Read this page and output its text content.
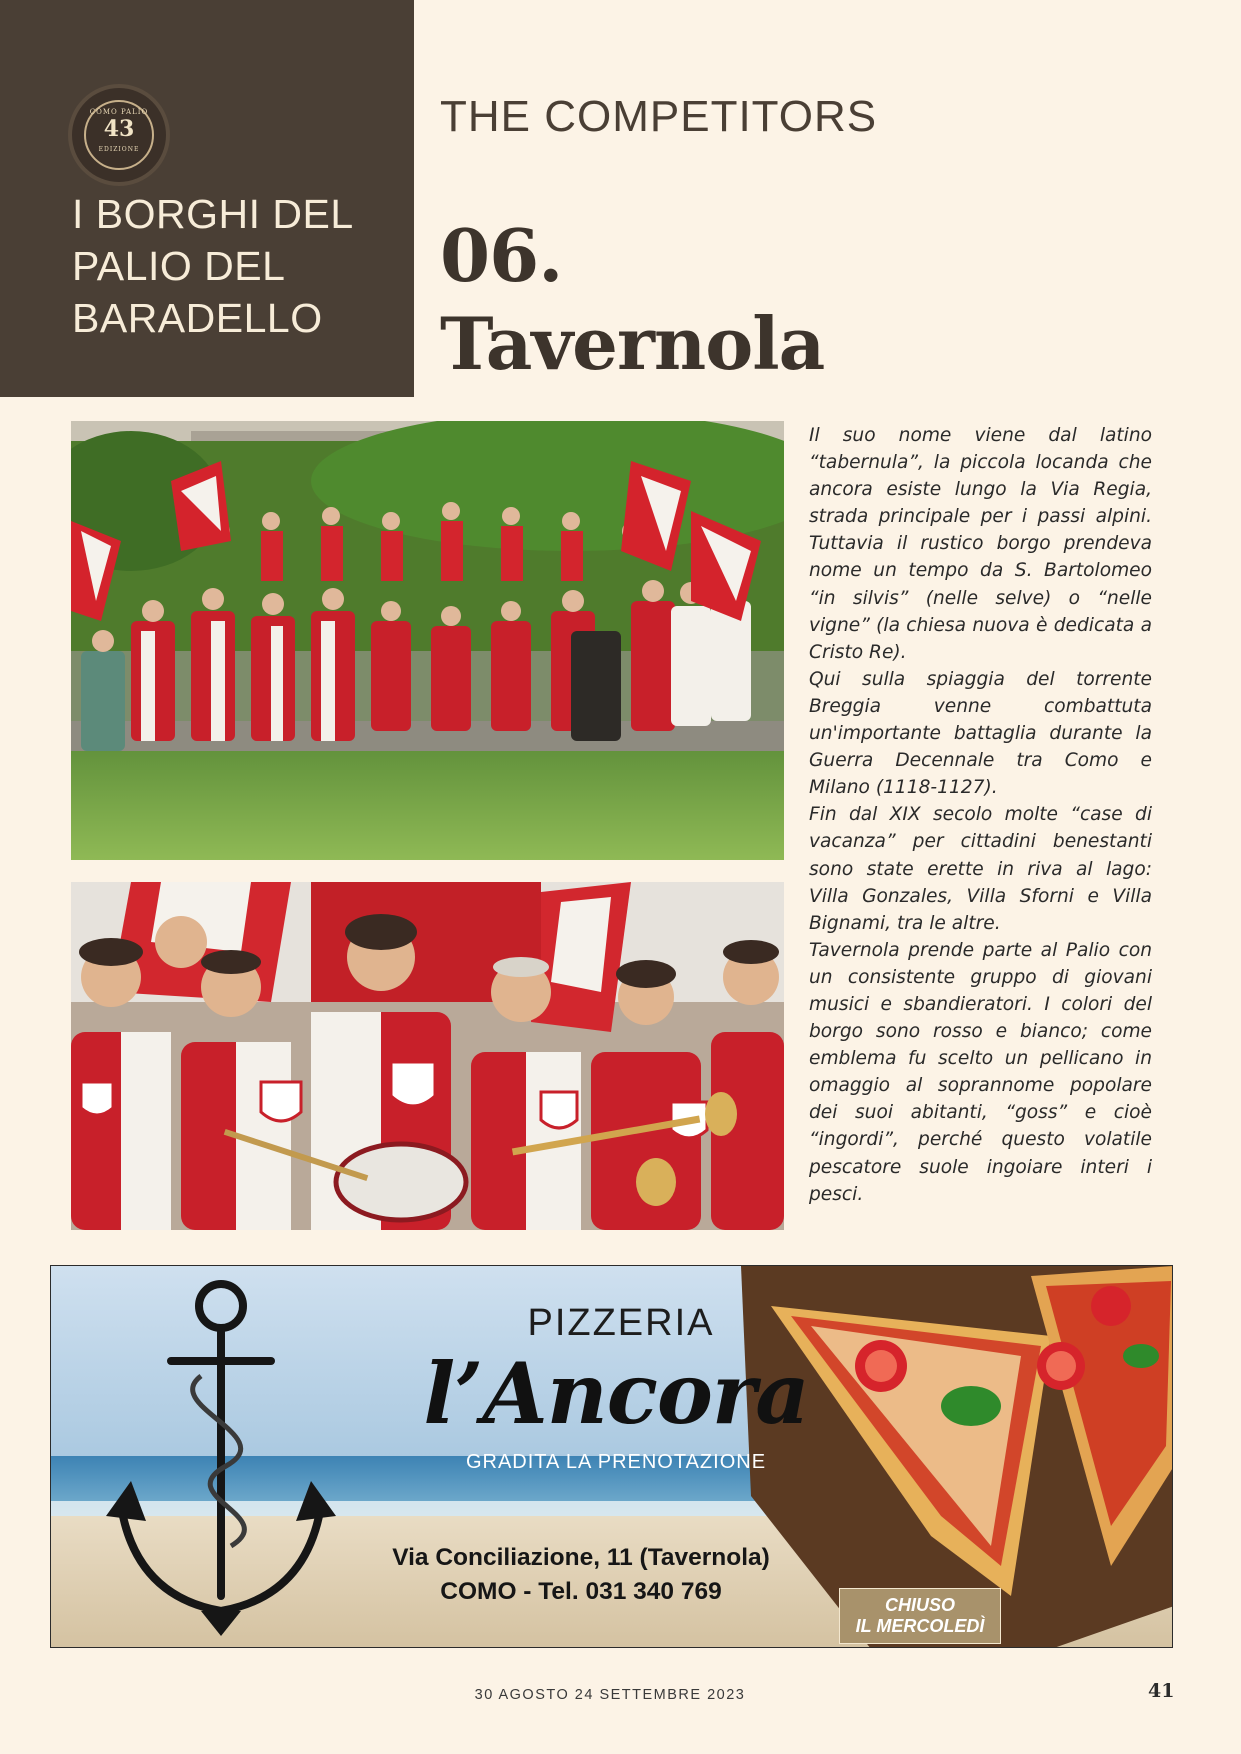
COMO PALIO
43
EDIZIONE
I BORGHI DEL
PALIO DEL
BARADELLO
THE COMPETITORS
06.
Tavernola

Il suo nome viene dal latino “tabernula”, la piccola locanda che ancora esiste lungo la Via Regia, strada principale per i passi alpini. Tuttavia il rustico borgo prendeva nome un tempo da S. Bartolomeo “in silvis” (nelle selve) o “nelle vigne” (la chiesa nuova è dedicata a Cristo Re).

Qui sulla spiaggia del torrente Breggia venne combattuta un'importante battaglia durante la Guerra Decennale tra Como e Milano (1118-1127).

Fin dal XIX secolo molte “case di vacanza” per cittadini benestanti sono state erette in riva al lago: Villa Gonzales, Villa Sforni e Villa Bignami, tra le altre.

Tavernola prende parte al Palio con un consistente gruppo di giovani musici e sbandieratori. I colori del borgo sono rosso e bianco; come emblema fu scelto un pellicano in omaggio al soprannome popolare dei suoi abitanti, “goss” e cioè “ingordi”, perché questo volatile pescatore suole ingoiare interi i pesci.

PIZZERIA
l’Ancora
GRADITA LA PRENOTAZIONE
Via Conciliazione, 11 (Tavernola)
COMO - Tel. 031 340 769	CHIUSO
IL MERCOLEDÌ
30 AGOSTO 24 SETTEMBRE 2023	41
